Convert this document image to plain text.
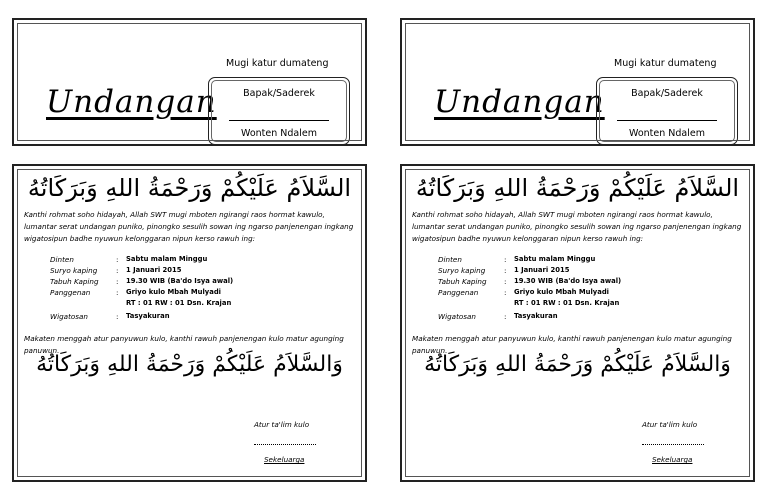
Undangan
Mugi katur dumateng
Bapak/Saderek
Wonten Ndalem
Undangan
Mugi katur dumateng
Bapak/Saderek
Wonten Ndalem
السَّلاَمُ عَلَيْكُمْ وَرَحْمَةُ اللهِ وَبَرَكَاتُهُ
Kanthi rohmat soho hidayah, Allah SWT mugi mboten ngirangi raos hormat kawulo, lumantar serat undangan puniko, pinongko sesulih sowan ing ngarso panjenengan ingkang wigatosipun badhe nyuwun kelonggaran nipun kerso rawuh ing:
Dinten	:	Sabtu malam Minggu
Suryo kaping	:	1 Januari 2015
Tabuh Kaping	:	19.30 WIB (Ba'do Isya awal)
Panggenan	:	Griyo kulo Mbah Mulyadi
RT : 01 RW : 01 Dsn. Krajan
Wigatosan	:	Tasyakuran
Makaten menggah atur panyuwun kulo, kanthi rawuh panjenengan kulo matur agunging panuwun.
وَالسَّلاَمُ عَلَيْكُمْ وَرَحْمَةُ اللهِ وَبَرَكَاتُهُ
Atur ta'lim kulo
Sekeluarga
السَّلاَمُ عَلَيْكُمْ وَرَحْمَةُ اللهِ وَبَرَكَاتُهُ
Kanthi rohmat soho hidayah, Allah SWT mugi mboten ngirangi raos hormat kawulo, lumantar serat undangan puniko, pinongko sesulih sowan ing ngarso panjenengan ingkang wigatosipun badhe nyuwun kelonggaran nipun kerso rawuh ing:
Dinten	:	Sabtu malam Minggu
Suryo kaping	:	1 Januari 2015
Tabuh Kaping	:	19.30 WIB (Ba'do Isya awal)
Panggenan	:	Griyo kulo Mbah Mulyadi
RT : 01 RW : 01 Dsn. Krajan
Wigatosan	:	Tasyakuran
Makaten menggah atur panyuwun kulo, kanthi rawuh panjenengan kulo matur agunging panuwun.
وَالسَّلاَمُ عَلَيْكُمْ وَرَحْمَةُ اللهِ وَبَرَكَاتُهُ
Atur ta'lim kulo
Sekeluarga
